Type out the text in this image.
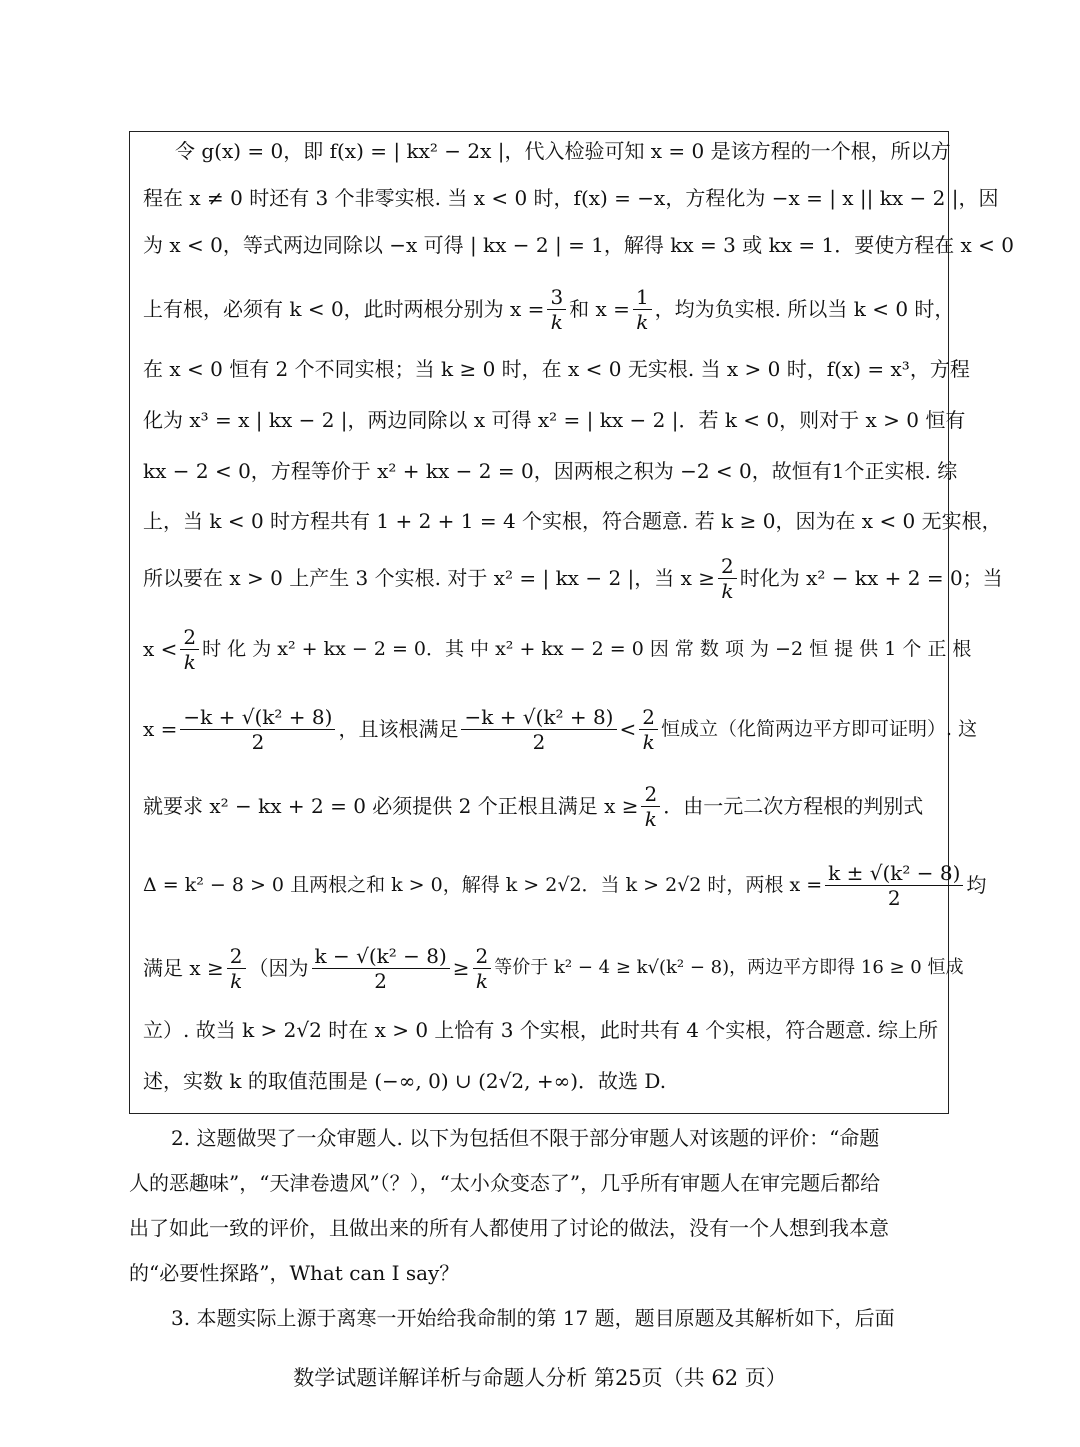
令 g(x) = 0，即 f(x) = | kx² − 2x |，代入检验可知 x = 0 是该方程的一个根，所以方
程在 x ≠ 0 时还有 3 个非零实根. 当 x < 0 时，f(x) = −x，方程化为 −x = | x || kx − 2 |，因
为 x < 0，等式两边同除以 −x 可得 | kx − 2 | = 1，解得 kx = 3 或 kx = 1．要使方程在 x < 0
上有根，必须有 k < 0，此时两根分别为 $x = \frac{3}{k}$ 和 $x = \frac{1}{k}$ ，均为负实根. 所以当 k < 0 时，
在 x < 0 恒有 2 个不同实根；当 k ≥ 0 时，在 x < 0 无实根. 当 x > 0 时，f(x) = x³，方程
化为 x³ = x | kx − 2 |，两边同除以 x 可得 x² = | kx − 2 |．若 k < 0，则对于 x > 0 恒有
kx − 2 < 0，方程等价于 x² + kx − 2 = 0，因两根之积为 −2 < 0，故恒有1个正实根. 综
上，当 k < 0 时方程共有 1 + 2 + 1 = 4 个实根，符合题意. 若 k ≥ 0，因为在 x < 0 无实根，
所以要在 x > 0 上产生 3 个实根. 对于 x² = | kx − 2 |，当 $x \ge \frac{2}{k}$ 时化为 x² − kx + 2 = 0；当
$x < \frac{2}{k}$ 时 化 为 x² + kx − 2 = 0．其 中 x² + kx − 2 = 0 因 常 数 项 为 −2 恒 提 供 1 个 正 根
$x = \frac{\text{−k + √(k² + 8)}}{2}$ ，且该根满足 $\frac{\text{−k + √(k² + 8)}}{2} < \frac{2}{k}$ 恒成立（化简两边平方即可证明）. 这
就要求 x² − kx + 2 = 0 必须提供 2 个正根且满足 $x \ge \frac{2}{k}$ ．由一元二次方程根的判别式
Δ = k² − 8 > 0 且两根之和 k > 0，解得 k > 2√2．当 k > 2√2 时，两根 $x = \frac{\text{k ± √(k² − 8)}}{2}$ 均
满足 $x \ge \frac{2}{k}$ （因为 $\frac{\text{k − √(k² − 8)}}{2} \ge \frac{2}{k}$ 等价于 k² − 4 ≥ k√(k² − 8)，两边平方即得 16 ≥ 0 恒成
立）. 故当 k > 2√2 时在 x > 0 上恰有 3 个实根，此时共有 4 个实根，符合题意. 综上所
述，实数 k 的取值范围是 (−∞, 0) ∪ (2√2, +∞)．故选 D.
2. 这题做哭了一众审题人. 以下为包括但不限于部分审题人对该题的评价：“命题
人的恶趣味”，“天津卷遗风”（？），“太小众变态了”，几乎所有审题人在审完题后都给
出了如此一致的评价，且做出来的所有人都使用了讨论的做法，没有一个人想到我本意
的“必要性探路”，What can I say？
3. 本题实际上源于离寒一开始给我命制的第 17 题，题目原题及其解析如下，后面
数学试题详解详析与命题人分析 第25页（共 62 页）
